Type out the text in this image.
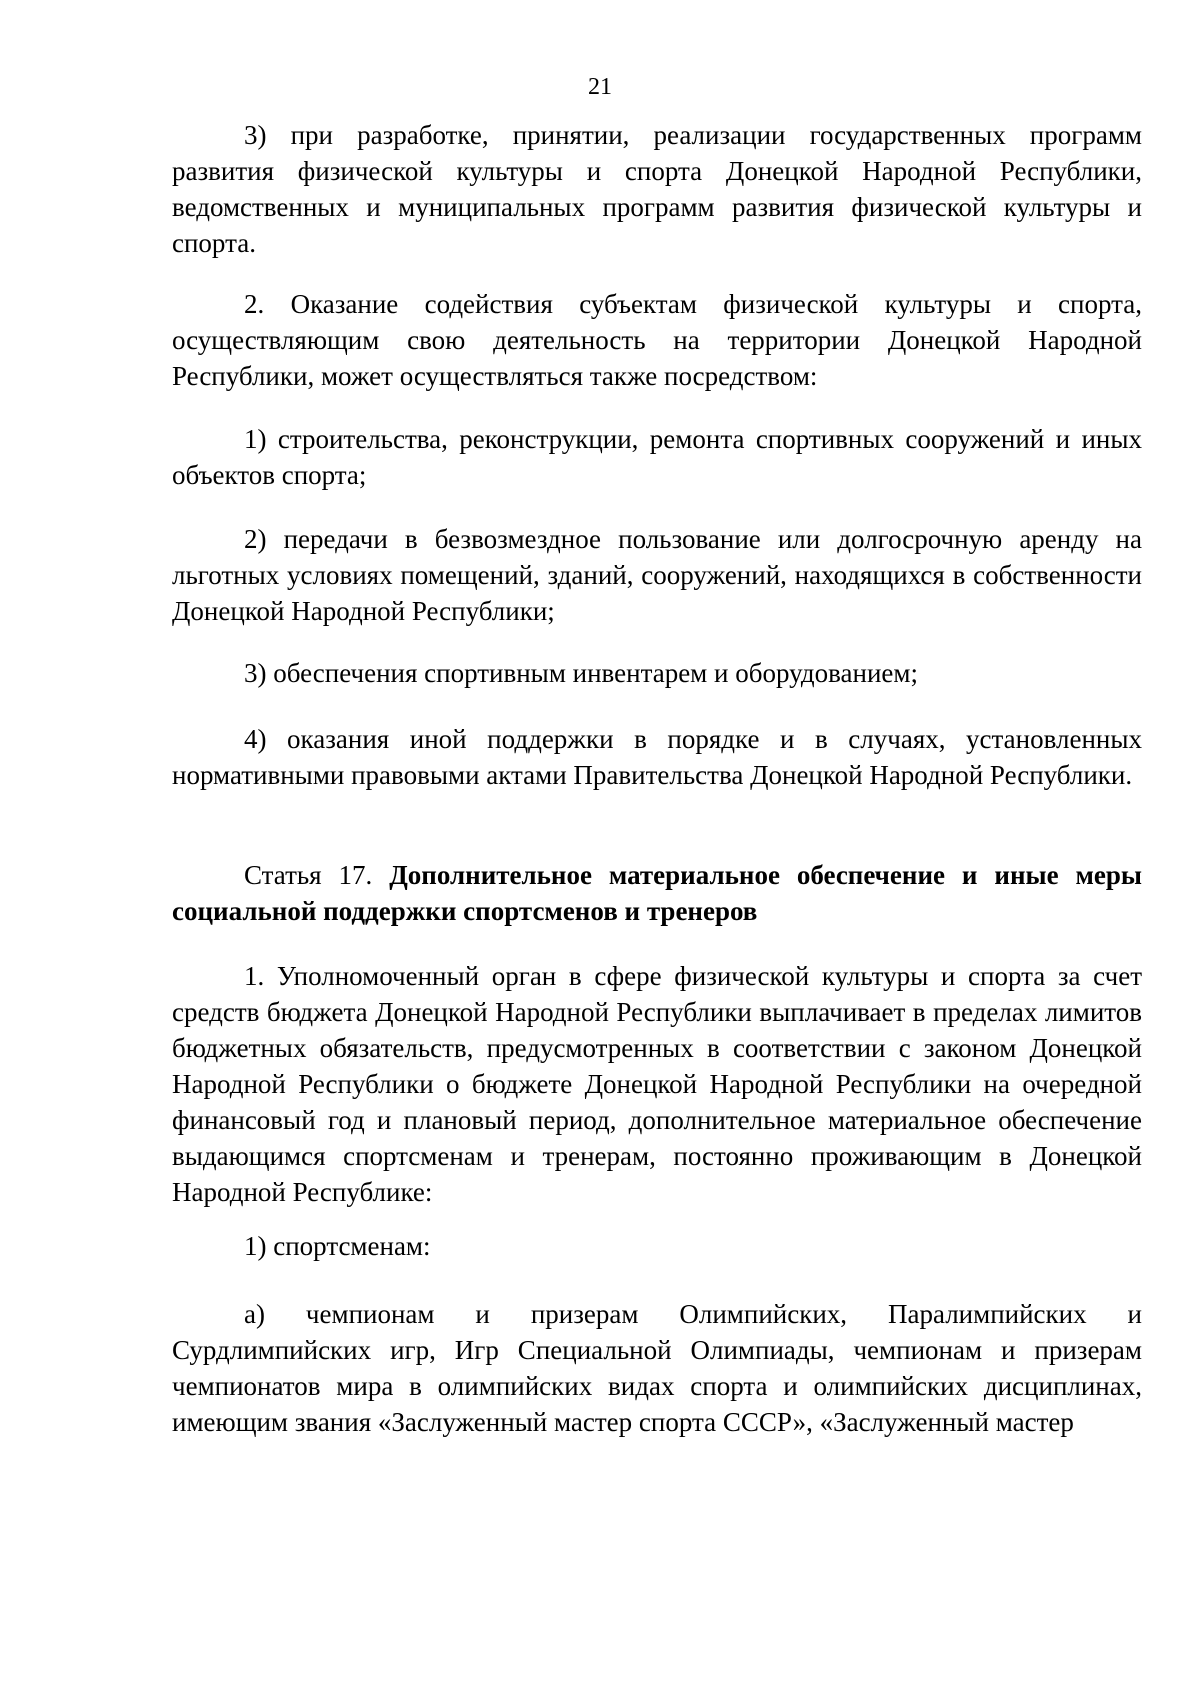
21

3) при разработке, принятии, реализации государственных программ развития физической культуры и спорта Донецкой Народной Республики, ведомственных и муниципальных программ развития физической культуры и спорта.

2. Оказание содействия субъектам физической культуры и спорта, осуществляющим свою деятельность на территории Донецкой Народной Республики, может осуществляться также посредством:

1) строительства, реконструкции, ремонта спортивных сооружений и иных объектов спорта;

2) передачи в безвозмездное пользование или долгосрочную аренду на льготных условиях помещений, зданий, сооружений, находящихся в собственности Донецкой Народной Республики;

3) обеспечения спортивным инвентарем и оборудованием;

4) оказания иной поддержки в порядке и в случаях, установленных нормативными правовыми актами Правительства Донецкой Народной Республики.

Статья 17. Дополнительное материальное обеспечение и иные меры социальной поддержки спортсменов и тренеров

1. Уполномоченный орган в сфере физической культуры и спорта за счет средств бюджета Донецкой Народной Республики выплачивает в пределах лимитов бюджетных обязательств, предусмотренных в соответствии с законом Донецкой Народной Республики о бюджете Донецкой Народной Республики на очередной финансовый год и плановый период, дополнительное материальное обеспечение выдающимся спортсменам и тренерам, постоянно проживающим в Донецкой Народной Республике:

1) спортсменам:

а) чемпионам и призерам Олимпийских, Паралимпийских и Сурдлимпийских игр, Игр Специальной Олимпиады, чемпионам и призерам чемпионатов мира в олимпийских видах спорта и олимпийских дисциплинах, имеющим звания «Заслуженный мастер спорта СССР», «Заслуженный мастер
